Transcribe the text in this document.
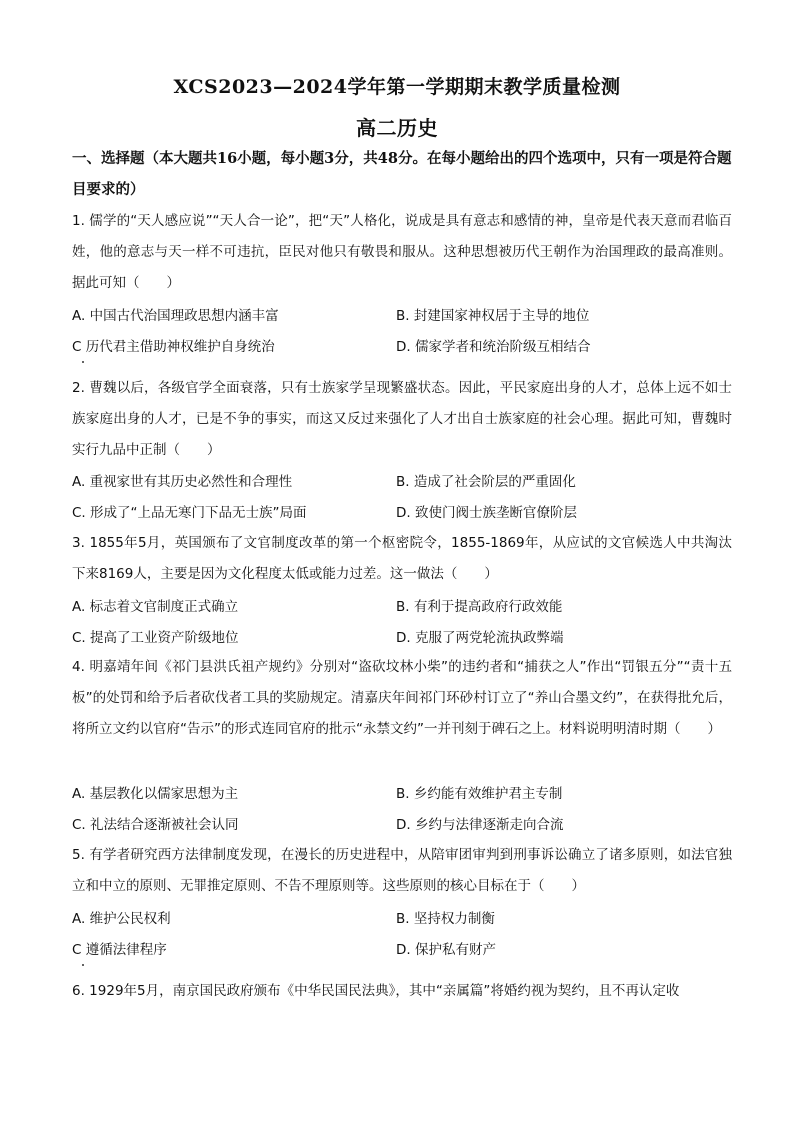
XCS2023—2024学年第一学期期末教学质量检测
高二历史
一、选择题（本大题共16小题，每小题3分，共48分。在每小题给出的四个选项中，只有一项是符合题目要求的）
1. 儒学的“天人感应说”“天人合一论”，把“天”人格化，说成是具有意志和感情的神，皇帝是代表天意而君临百姓，他的意志与天一样不可违抗，臣民对他只有敬畏和服从。这种思想被历代王朝作为治国理政的最高准则。据此可知（　　）
A. 中国古代治国理政思想内涵丰富	B. 封建国家神权居于主导的地位
C 历代君主借助神权维护自身统治	D. 儒家学者和统治阶级互相结合
2. 曹魏以后，各级官学全面衰落，只有士族家学呈现繁盛状态。因此，平民家庭出身的人才，总体上远不如士族家庭出身的人才，已是不争的事实，而这又反过来强化了人才出自士族家庭的社会心理。据此可知，曹魏时实行九品中正制（　　）
A. 重视家世有其历史必然性和合理性	B. 造成了社会阶层的严重固化
C. 形成了“上品无寒门下品无士族”局面	D. 致使门阀士族垄断官僚阶层
3. 1855年5月，英国颁布了文官制度改革的第一个枢密院令，1855-1869年，从应试的文官候选人中共淘汰下来8169人，主要是因为文化程度太低或能力过差。这一做法（　　）
A. 标志着文官制度正式确立	B. 有利于提高政府行政效能
C. 提高了工业资产阶级地位	D. 克服了两党轮流执政弊端
4. 明嘉靖年间《祁门县洪氏祖产规约》分别对“盗砍坟林小柴”的违约者和“捕获之人”作出“罚银五分”“责十五板”的处罚和给予后者砍伐者工具的奖励规定。清嘉庆年间祁门环砂村订立了“养山合墨文约”，在获得批允后，将所立文约以官府“告示”的形式连同官府的批示“永禁文约”一并刊刻于碑石之上。材料说明明清时期（　　）
A. 基层教化以儒家思想为主	B. 乡约能有效维护君主专制
C. 礼法结合逐渐被社会认同	D. 乡约与法律逐渐走向合流
5. 有学者研究西方法律制度发现，在漫长的历史进程中，从陪审团审判到刑事诉讼确立了诸多原则，如法官独立和中立的原则、无罪推定原则、不告不理原则等。这些原则的核心目标在于（　　）
A. 维护公民权利	B. 坚持权力制衡
C 遵循法律程序	D. 保护私有财产
6. 1929年5月，南京国民政府颁布《中华民国民法典》，其中“亲属篇”将婚约视为契约，且不再认定收
